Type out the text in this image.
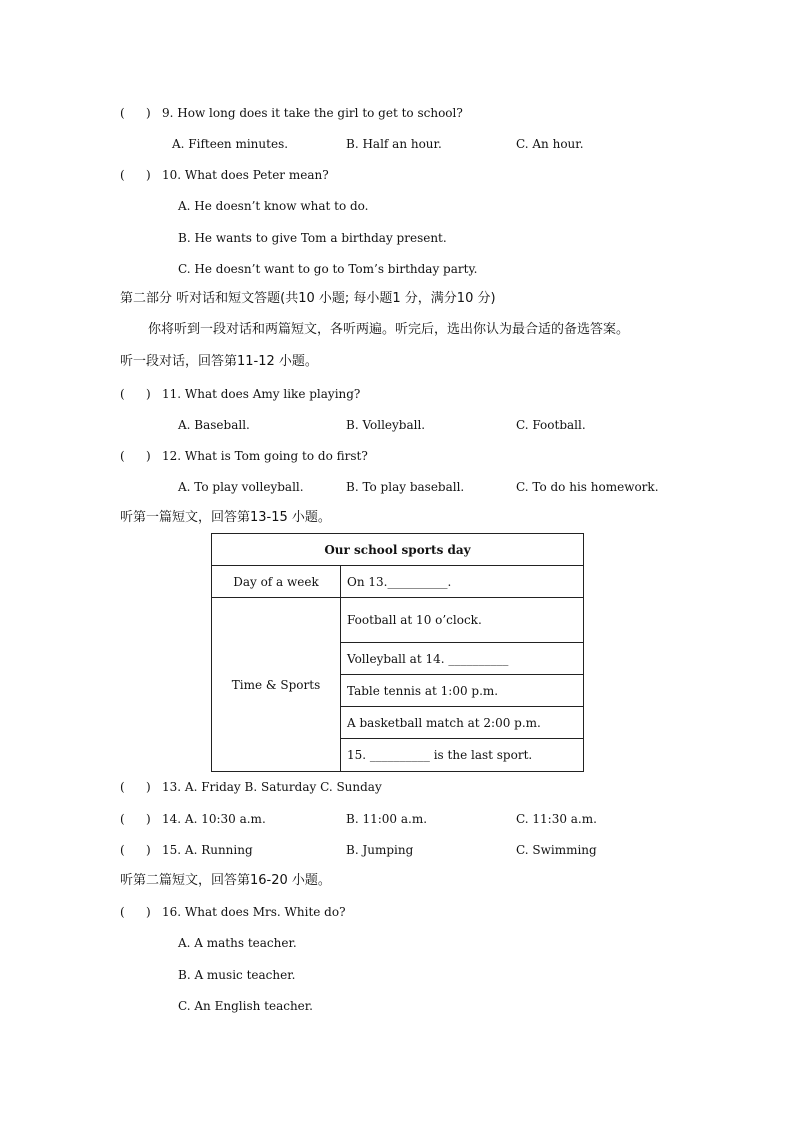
( ) 9. How long does it take the girl to get to school?
A. Fifteen minutes.	B. Half an hour.	C. An hour.
( ) 10. What does Peter mean?
A. He doesn’t know what to do.
B. He wants to give Tom a birthday present.
C. He doesn’t want to go to Tom’s birthday party.
第二部分 听对话和短文答题(共10 小题; 每小题1 分，满分10 分)
你将听到一段对话和两篇短文，各听两遍。听完后，选出你认为最合适的备选答案。
听一段对话，回答第11-12 小题。
( ) 11. What does Amy like playing?
A. Baseball.	B. Volleyball.	C. Football.
( ) 12. What is Tom going to do first?
A. To play volleyball.	B. To play baseball.	C. To do his homework.
听第一篇短文，回答第13-15 小题。
Our school sports day	
Day of a week	On 13.__________.
Time & Sports	Football at 10 o’clock.
	Volleyball at 14. __________
	Table tennis at 1:00 p.m.
	A basketball match at 2:00 p.m.
	15. __________ is the last sport.
( ) 13. A. Friday B. Saturday C. Sunday
( ) 14. A. 10:30 a.m.	B. 11:00 a.m.	C. 11:30 a.m.
( ) 15. A. Running	B. Jumping	C. Swimming
听第二篇短文，回答第16-20 小题。
( ) 16. What does Mrs. White do?
A. A maths teacher.
B. A music teacher.
C. An English teacher.
